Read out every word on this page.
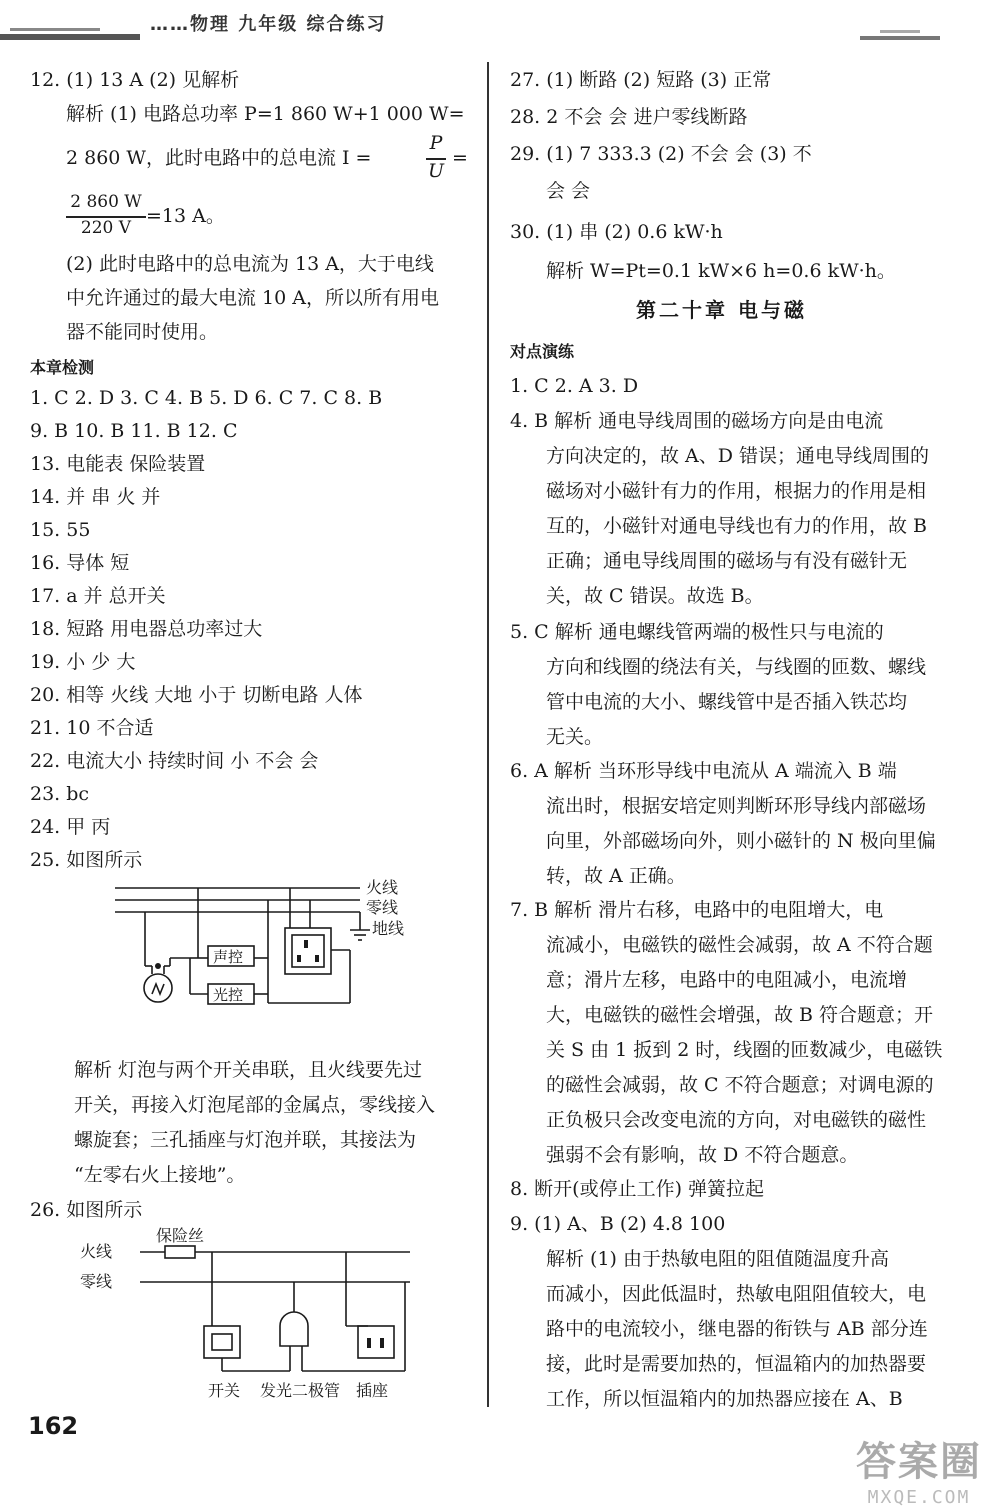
……物理 九年级 综合练习
12. (1) 13 A (2) 见解析
解析 (1) 电路总功率 P=1 860 W+1 000 W=
2 860 W，此时电路中的总电流 I =
P
U
=
2 860 W
220 V
=13 A。
(2) 此时电路中的总电流为 13 A，大于电线
中允许通过的最大电流 10 A，所以所有用电
器不能同时使用。
本章检测
1. C 2. D 3. C 4. B 5. D 6. C 7. C 8. B
9. B 10. B 11. B 12. C
13. 电能表 保险装置
14. 并 串 火 并
15. 55
16. 导体 短
17. a 并 总开关
18. 短路 用电器总功率过大
19. 小 少 大
20. 相等 火线 大地 小于 切断电路 人体
21. 10 不合适
22. 电流大小 持续时间 小 不会 会
23. bc
24. 甲 丙
25. 如图所示
火线
零线
地线
声控
光控
解析 灯泡与两个开关串联，且火线要先过
开关，再接入灯泡尾部的金属点，零线接入
螺旋套；三孔插座与灯泡并联，其接法为
“左零右火上接地”。
26. 如图所示
火线
零线
保险丝
开关 发光二极管 插座
162
27. (1) 断路 (2) 短路 (3) 正常
28. 2 不会 会 进户零线断路
29. (1) 7 333.3 (2) 不会 会 (3) 不
会 会
30. (1) 串 (2) 0.6 kW·h
解析 W=Pt=0.1 kW×6 h=0.6 kW·h。
第二十章 电与磁
对点演练
1. C 2. A 3. D
4. B 解析 通电导线周围的磁场方向是由电流
方向决定的，故 A、D 错误；通电导线周围的
磁场对小磁针有力的作用，根据力的作用是相
互的，小磁针对通电导线也有力的作用，故 B
正确；通电导线周围的磁场与有没有磁针无
关，故 C 错误。故选 B。
5. C 解析 通电螺线管两端的极性只与电流的
方向和线圈的绕法有关，与线圈的匝数、螺线
管中电流的大小、螺线管中是否插入铁芯均
无关。
6. A 解析 当环形导线中电流从 A 端流入 B 端
流出时，根据安培定则判断环形导线内部磁场
向里，外部磁场向外，则小磁针的 N 极向里偏
转，故 A 正确。
7. B 解析 滑片右移，电路中的电阻增大，电
流减小，电磁铁的磁性会减弱，故 A 不符合题
意；滑片左移，电路中的电阻减小，电流增
大，电磁铁的磁性会增强，故 B 符合题意；开
关 S 由 1 扳到 2 时，线圈的匝数减少，电磁铁
的磁性会减弱，故 C 不符合题意；对调电源的
正负极只会改变电流的方向，对电磁铁的磁性
强弱不会有影响，故 D 不符合题意。
8. 断开(或停止工作) 弹簧拉起
9. (1) A、B (2) 4.8 100
解析 (1) 由于热敏电阻的阻值随温度升高
而减小，因此低温时，热敏电阻阻值较大，电
路中的电流较小，继电器的衔铁与 AB 部分连
接，此时是需要加热的，恒温箱内的加热器要
工作，所以恒温箱内的加热器应接在 A、B
答案圈
MXQE.COM
